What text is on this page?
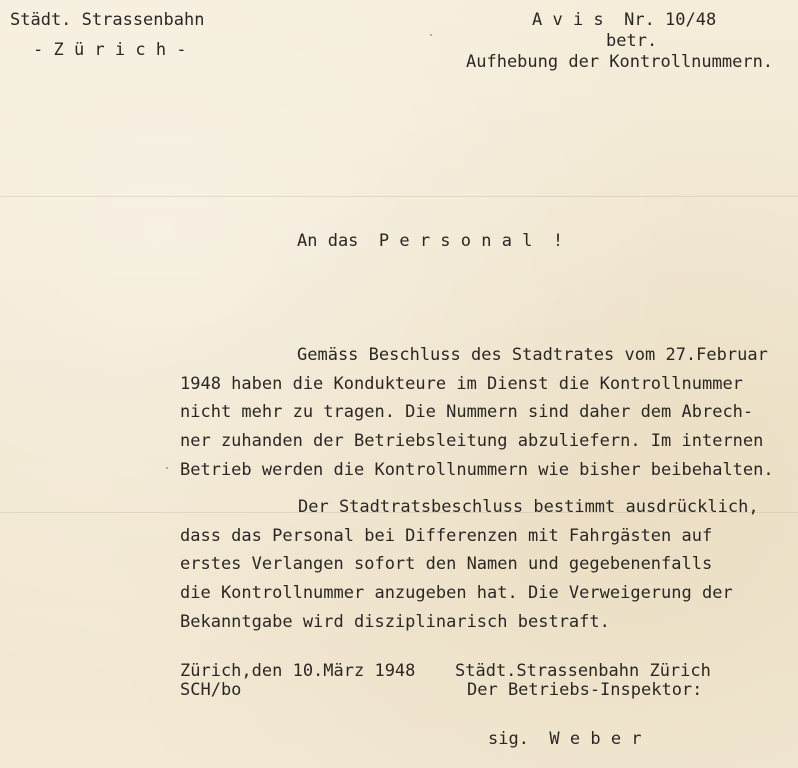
Städt. Strassenbahn
- Z ü r i c h -
A v i s  Nr. 10/48
betr.
Aufhebung der Kontrollnummern.
An das  P e r s o n a l  !
Gemäss Beschluss des Stadtrates vom 27.Februar
1948 haben die Kondukteure im Dienst die Kontrollnummer
nicht mehr zu tragen. Die Nummern sind daher dem Abrech-
ner zuhanden der Betriebsleitung abzuliefern. Im internen
Betrieb werden die Kontrollnummern wie bisher beibehalten.
Der Stadtratsbeschluss bestimmt ausdrücklich,
dass das Personal bei Differenzen mit Fahrgästen auf
erstes Verlangen sofort den Namen und gegebenenfalls
die Kontrollnummer anzugeben hat. Die Verweigerung der
Bekanntgabe wird disziplinarisch bestraft.
Zürich,den 10.März 1948
SCH/bo
Städt.Strassenbahn Zürich
Der Betriebs-Inspektor:
sig.  W e b e r
